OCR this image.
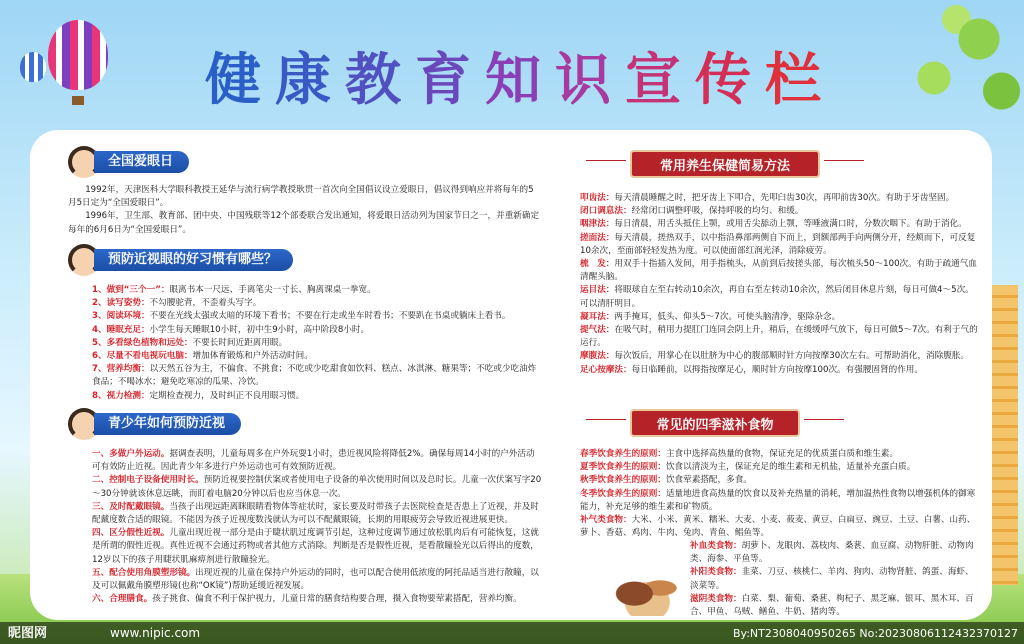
健康教育知识宣传栏
全国爱眼日

1992年，天津医科大学眼科教授王延华与流行病学教授耿贯一首次向全国倡议设立爱眼日，倡议得到响应并将每年的5月5日定为“全国爱眼日”。

1996年，卫生部、教育部、团中央、中国残联等12个部委联合发出通知，将爱眼日活动列为国家节日之一，并重新确定每年的6月6日为“全国爱眼日”。

预防近视眼的好习惯有哪些？

1、做到“三个一”：眼离书本一尺远、手离笔尖一寸长、胸离课桌一拳宽。

2、读写姿势：不勾腰驼背，不歪着头写字。

3、阅读环境：不要在光线太强或太暗的环境下看书；不要在行走或坐车时看书；不要趴在书桌或躺床上看书。

4、睡眠充足：小学生每天睡眠10小时，初中生9小时，高中阶段8小时。

5、多看绿色植物和远处：不要长时间近距离用眼。

6、尽量不看电视玩电脑：增加体育锻炼和户外活动时间。

7、营养均衡：以天然五谷为主，不偏食、不挑食；不吃或少吃甜食如饮料、糕点、冰淇淋、糖果等；不吃或少吃油炸食品；不喝冰水；避免吃寒凉的瓜果、冷饮。

8、视力检测：定期检查视力，及时纠正不良用眼习惯。

青少年如何预防近视

一、多做户外运动。据调查表明，儿童每周多在户外玩耍1小时，患近视风险将降低2%。确保每周14小时的户外活动可有效防止近视。因此青少年多进行户外运动也可有效预防近视。

二、控制电子设备使用时长。预防近视要控制伏案或者使用电子设备的单次使用时间以及总时长。儿童一次伏案写字20～30分钟就该休息远眺，而盯着电脑20分钟以后也应当休息一次。

三、及时配戴眼镜。当孩子出现远距离眯眼睛看物体等症状时，家长要及时带孩子去医院检查是否患上了近视，并及时配戴度数合适的眼镜。不能因为孩子近视度数浅就认为可以不配戴眼镜，长期的用眼疲劳会导致近视进展更快。

四、区分假性近视。儿童出现近视一部分是由于睫状肌过度调节引起，这种过度调节通过放松肌肉后有可能恢复，这就是所谓的假性近视。真性近视不会通过药物或者其他方式消除。判断是否是假性近视，是看散瞳验光以后得出的度数，12岁以下的孩子用睫状肌麻痹剂进行散瞳验光。

五、配合使用角膜塑形镜。出现近视的儿童在保持户外运动的同时，也可以配合使用低浓度的阿托品适当进行散瞳，以及可以佩戴角膜塑形镜(也称“OK镜”)帮助延缓近视发展。

六、合理膳食。孩子挑食、偏食不利于保护视力，儿童日常的膳食结构要合理，摄入食物要荤素搭配，营养均衡。

常用养生保健简易方法

叩齿法：每天清晨睡醒之时，把牙齿上下叩合，先叩臼齿30次，再叩前齿30次。有助于牙齿坚固。

闭口调息法：经常闭口调整呼吸，保持呼吸的均匀、和缓。

咽津法：每日清晨，用舌头抵住上颚，或用舌尖舔动上颚，等唾液满口时，分数次咽下。有助于消化。

搓面法：每天清晨，搓热双手，以中指沿鼻部两侧自下而上，到额部两手向两侧分开，经颊而下，可反复10余次，至面部轻轻发热为度。可以使面部红润光泽，消除疲劳。

梳　发：用双手十指插入发间，用手指梳头，从前到后按搓头部，每次梳头50～100次。有助于疏通气血清醒头脑。

运目法：将眼球自左至右转动10余次，再自右至左转动10余次，然后闭目休息片刻，每日可做4～5次。可以清肝明目。

凝耳法：两手掩耳，低头、仰头5～7次。可使头脑清净，驱除杂念。

提气法：在吸气时，稍用力提肛门连同会阴上升，稍后，在缓缓呼气放下，每日可做5～7次。有利于气的运行。

摩腹法：每次饭后，用掌心在以肚脐为中心的腹部顺时针方向按摩30次左右。可帮助消化，消除腹胀。

足心按摩法：每日临睡前，以拇指按摩足心，顺时针方向按摩100次。有强腰固肾的作用。

常见的四季滋补食物

春季饮食养生的原则：主食中选择高热量的食物，保证充足的优质蛋白质和维生素。

夏季饮食养生的原则：饮食以清淡为主，保证充足的维生素和无机盐，适量补充蛋白质。

秋季饮食养生的原则：饮食荤素搭配，多食。

冬季饮食养生的原则：适量地进食高热量的饮食以及补充热量的消耗，增加温热性食物以增强机体的御寒能力，补充足够的维生素和矿物质。

补气类食物：大米、小米、黄米、糯米、大麦、小麦、莜麦、黄豆、白扁豆、豌豆、土豆、白薯、山药、萝卜、香菇、鸡肉、牛肉、兔肉、青鱼、鲳鱼等。

补血类食物：胡萝卜、龙眼肉、荔枝肉、桑葚、血豆腐、动物肝脏、动物肉类、海参、平鱼等。

补阳类食物：韭菜、刀豆、核桃仁、羊肉、狗肉、动物肾脏、鸽蛋、海虾、淡菜等。

滋阴类食物：白菜、梨、葡萄、桑葚、枸杞子、黑芝麻、银耳、黑木耳、百合、甲鱼、乌贼、鳝鱼、牛奶、猪肉等。

昵图网	www.nipic.com	By:NT2308040950265 No:20230806112432370127
